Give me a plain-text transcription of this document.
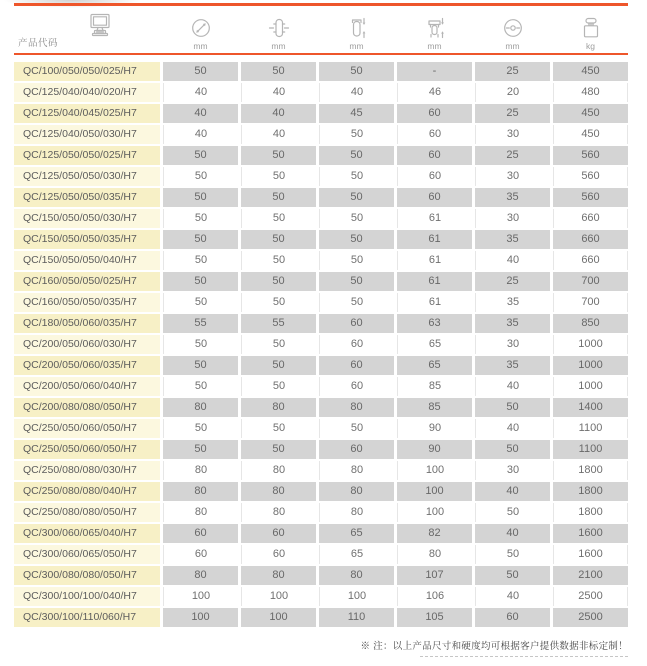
产品代码	mm	mm	mm	mm	mm	kg
QC/100/050/050/025/H7	50	50	50	-	25	450
QC/125/040/040/020/H7	40	40	40	46	20	480
QC/125/040/045/025/H7	40	40	45	60	25	450
QC/125/040/050/030/H7	40	40	50	60	30	450
QC/125/050/050/025/H7	50	50	50	60	25	560
QC/125/050/050/030/H7	50	50	50	60	30	560
QC/125/050/050/035/H7	50	50	50	60	35	560
QC/150/050/050/030/H7	50	50	50	61	30	660
QC/150/050/050/035/H7	50	50	50	61	35	660
QC/150/050/050/040/H7	50	50	50	61	40	660
QC/160/050/050/025/H7	50	50	50	61	25	700
QC/160/050/050/035/H7	50	50	50	61	35	700
QC/180/050/060/035/H7	55	55	60	63	35	850
QC/200/050/060/030/H7	50	50	60	65	30	1000
QC/200/050/060/035/H7	50	50	60	65	35	1000
QC/200/050/060/040/H7	50	50	60	85	40	1000
QC/200/080/080/050/H7	80	80	80	85	50	1400
QC/250/050/060/050/H7	50	50	50	90	40	1100
QC/250/050/060/050/H7	50	50	60	90	50	1100
QC/250/080/080/030/H7	80	80	80	100	30	1800
QC/250/080/080/040/H7	80	80	80	100	40	1800
QC/250/080/080/050/H7	80	80	80	100	50	1800
QC/300/060/065/040/H7	60	60	65	82	40	1600
QC/300/060/065/050/H7	60	60	65	80	50	1600
QC/300/080/080/050/H7	80	80	80	107	50	2100
QC/300/100/100/040/H7	100	100	100	106	40	2500
QC/300/100/110/060/H7	100	100	110	105	60	2500
※ 注：以上产品尺寸和硬度均可根据客户提供数据非标定制！
